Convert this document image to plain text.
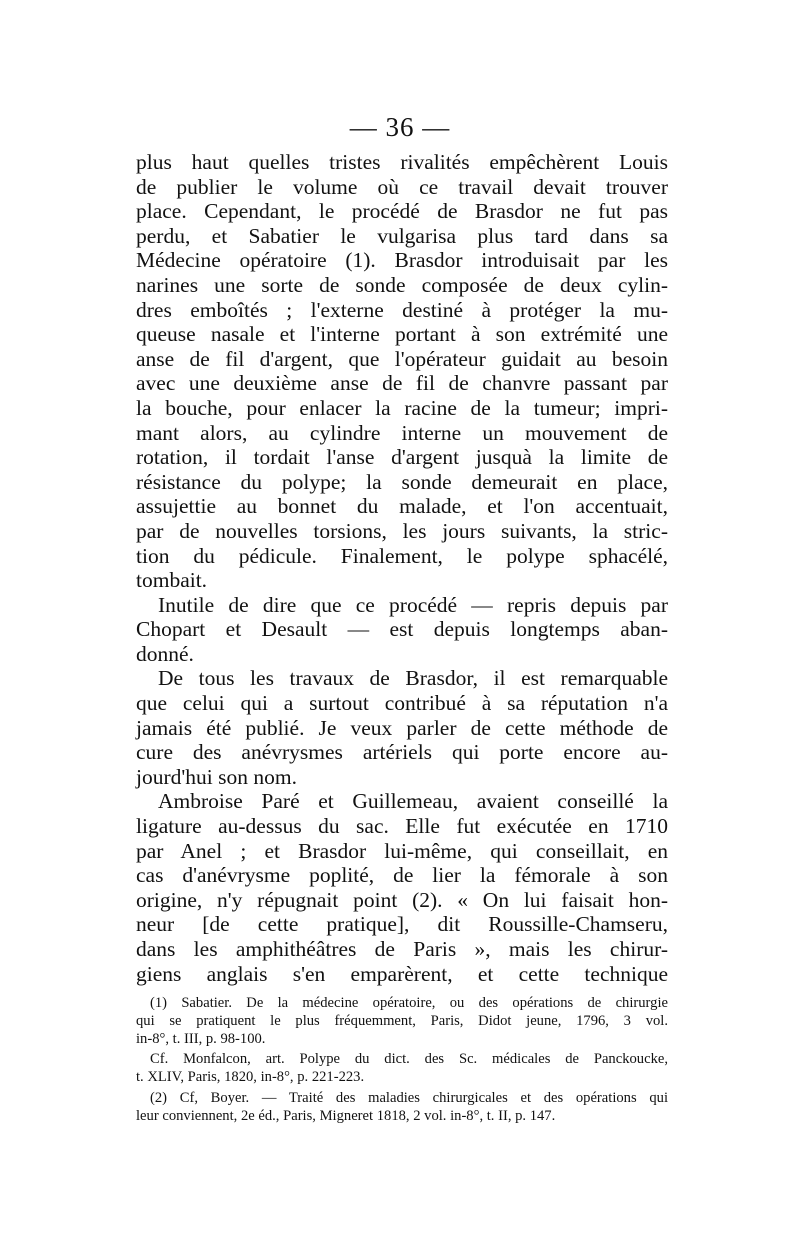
— 36 —

plus haut quelles tristes rivalités empêchèrent Louis
de publier le volume où ce travail devait trouver
place. Cependant, le procédé de Brasdor ne fut pas
perdu, et Sabatier le vulgarisa plus tard dans sa
Médecine opératoire (1). Brasdor introduisait par les
narines une sorte de sonde composée de deux cylin-
dres emboîtés ; l'externe destiné à protéger la mu-
queuse nasale et l'interne portant à son extrémité une
anse de fil d'argent, que l'opérateur guidait au besoin
avec une deuxième anse de fil de chanvre passant par
la bouche, pour enlacer la racine de la tumeur; impri-
mant alors, au cylindre interne un mouvement de
rotation, il tordait l'anse d'argent jusquà la limite de
résistance du polype; la sonde demeurait en place,
assujettie au bonnet du malade, et l'on accentuait,
par de nouvelles torsions, les jours suivants, la stric-
tion du pédicule. Finalement, le polype sphacélé,
tombait.

Inutile de dire que ce procédé — repris depuis par
Chopart et Desault — est depuis longtemps aban-
donné.

De tous les travaux de Brasdor, il est remarquable
que celui qui a surtout contribué à sa réputation n'a
jamais été publié. Je veux parler de cette méthode de
cure des anévrysmes artériels qui porte encore au-
jourd'hui son nom.

Ambroise Paré et Guillemeau, avaient conseillé la
ligature au-dessus du sac. Elle fut exécutée en 1710
par Anel ; et Brasdor lui-même, qui conseillait, en
cas d'anévrysme poplité, de lier la fémorale à son
origine, n'y répugnait point (2). « On lui faisait hon-
neur [de cette pratique], dit Roussille-Chamseru,
dans les amphithéâtres de Paris », mais les chirur-
giens anglais s'en emparèrent, et cette technique

(1) Sabatier. De la médecine opératoire, ou des opérations de chirurgie
qui se pratiquent le plus fréquemment, Paris, Didot jeune, 1796, 3 vol.
in-8°, t. III, p. 98-100.
Cf. Monfalcon, art. Polype du dict. des Sc. médicales de Panckoucke,
t. XLIV, Paris, 1820, in-8°, p. 221-223.
(2) Cf, Boyer. — Traité des maladies chirurgicales et des opérations qui
leur conviennent, 2e éd., Paris, Migneret 1818, 2 vol. in-8°, t. II, p. 147.
